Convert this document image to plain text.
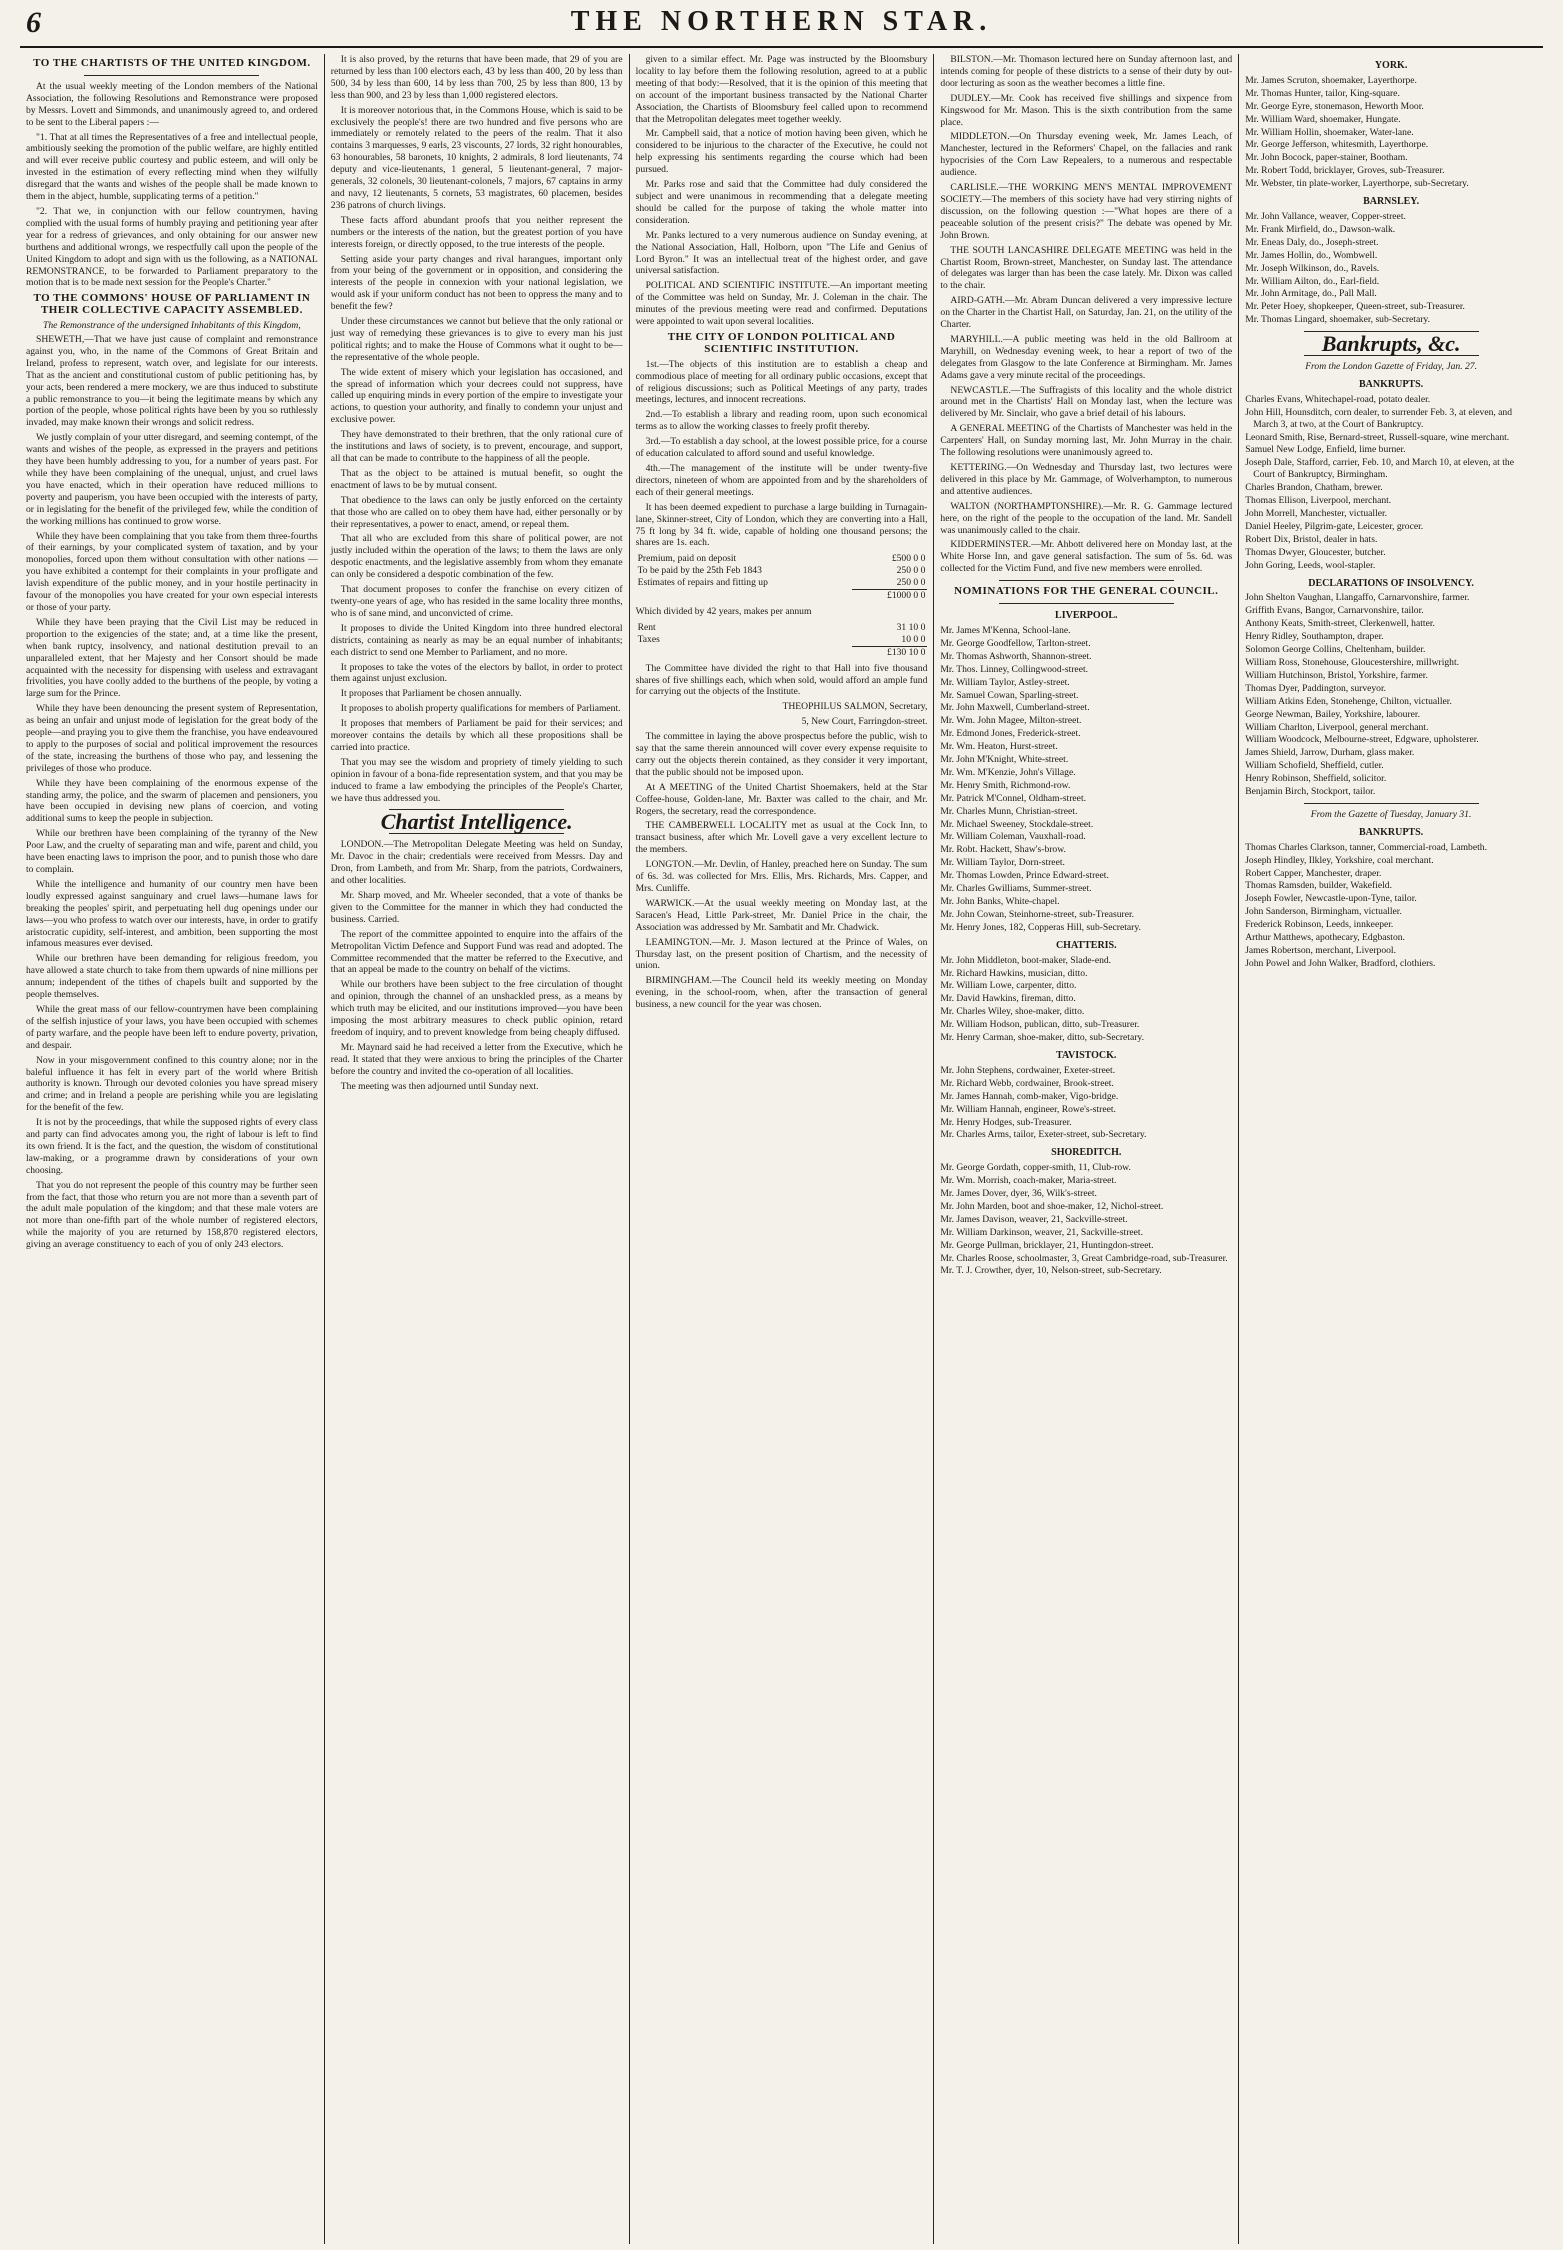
6	THE NORTHERN STAR.
TO THE CHARTISTS OF THE UNITED KINGDOM.

At the usual weekly meeting of the London members of the National Association, the following Resolutions and Remonstrance were proposed by Messrs. Lovett and Simmonds, and unanimously agreed to, and ordered to be sent to the Liberal papers :—

"1. That at all times the Representatives of a free and intellectual people, ambitiously seeking the promotion of the public welfare, are highly entitled and will ever receive public courtesy and public esteem, and will only be invested in the estimation of every reflecting mind when they wilfully disregard that the wants and wishes of the people shall be made known to them in the abject, humble, supplicating terms of a petition."

"2. That we, in conjunction with our fellow countrymen, having complied with the usual forms of humbly praying and petitioning year after year for a redress of grievances, and only obtaining for our answer new burthens and additional wrongs, we respectfully call upon the people of the United Kingdom to adopt and sign with us the following, as a NATIONAL REMONSTRANCE, to be forwarded to Parliament preparatory to the motion that is to be made next session for the People's Charter."

TO THE COMMONS' HOUSE OF PARLIAMENT IN THEIR COLLECTIVE CAPACITY ASSEMBLED.
The Remonstrance of the undersigned Inhabitants of this Kingdom,

SHEWETH,—That we have just cause of complaint and remonstrance against you, who, in the name of the Commons of Great Britain and Ireland, profess to represent, watch over, and legislate for our interests. That as the ancient and constitutional custom of public petitioning has, by your acts, been rendered a mere mockery, we are thus induced to substitute a public remonstrance to you—it being the legitimate means by which any portion of the people, whose political rights have been by you so ruthlessly invaded, may make known their wrongs and solicit redress.

We justly complain of your utter disregard, and seeming contempt, of the wants and wishes of the people, as expressed in the prayers and petitions they have been humbly addressing to you, for a number of years past. For while they have been complaining of the unequal, unjust, and cruel laws you have enacted, which in their operation have reduced millions to poverty and pauperism, you have been occupied with the interests of party, or in legislating for the benefit of the privileged few, while the condition of the working millions has continued to grow worse.

While they have been complaining that you take from them three-fourths of their earnings, by your complicated system of taxation, and by your monopolies, forced upon them without consultation with other nations —you have exhibited a contempt for their complaints in your profligate and lavish expenditure of the public money, and in your hostile pertinacity in favour of the monopolies you have created for your own especial interests or those of your party.

While they have been praying that the Civil List may be reduced in proportion to the exigencies of the state; and, at a time like the present, when bank ruptcy, insolvency, and national destitution prevail to an unparalleled extent, that her Majesty and her Consort should be made acquainted with the necessity for dispensing with useless and extravagant frivolities, you have coolly added to the burthens of the people, by voting a large sum for the Prince.

While they have been denouncing the present system of Representation, as being an unfair and unjust mode of legislation for the great body of the people—and praying you to give them the franchise, you have endeavoured to apply to the purposes of social and political improvement the resources of the state, increasing the burthens of those who pay, and lessening the privileges of those who produce.

While they have been complaining of the enormous expense of the standing army, the police, and the swarm of placemen and pensioners, you have been occupied in devising new plans of coercion, and voting additional sums to keep the people in subjection.

While our brethren have been complaining of the tyranny of the New Poor Law, and the cruelty of separating man and wife, parent and child, you have been enacting laws to imprison the poor, and to punish those who dare to complain.

While the intelligence and humanity of our country men have been loudly expressed against sanguinary and cruel laws—humane laws for breaking the peoples' spirit, and perpetuating hell dug openings under our laws—you who profess to watch over our interests, have, in order to gratify aristocratic cupidity, self-interest, and ambition, been supporting the most infamous measures ever devised.

While our brethren have been demanding for religious freedom, you have allowed a state church to take from them upwards of nine millions per annum; independent of the tithes of chapels built and supported by the people themselves.

While the great mass of our fellow-countrymen have been complaining of the selfish injustice of your laws, you have been occupied with schemes of party warfare, and the people have been left to endure poverty, privation, and despair.

Now in your misgovernment confined to this country alone; nor in the baleful influence it has felt in every part of the world where British authority is known. Through our devoted colonies you have spread misery and crime; and in Ireland a people are perishing while you are legislating for the benefit of the few.

It is not by the proceedings, that while the supposed rights of every class and party can find advocates among you, the right of labour is left to find its own friend. It is the fact, and the question, the wisdom of constitutional law-making, or a programme drawn by considerations of your own choosing.

That you do not represent the people of this country may be further seen from the fact, that those who return you are not more than a seventh part of the adult male population of the kingdom; and that these male voters are not more than one-fifth part of the whole number of registered electors, while the majority of you are returned by 158,870 registered electors, giving an average constituency to each of you of only 243 electors.

It is also proved, by the returns that have been made, that 29 of you are returned by less than 100 electors each, 43 by less than 400, 20 by less than 500, 34 by less than 600, 14 by less than 700, 25 by less than 800, 13 by less than 900, and 23 by less than 1,000 registered electors.

It is moreover notorious that, in the Commons House, which is said to be exclusively the people's! there are two hundred and five persons who are immediately or remotely related to the peers of the realm. That it also contains 3 marquesses, 9 earls, 23 viscounts, 27 lords, 32 right honourables, 63 honourables, 58 baronets, 10 knights, 2 admirals, 8 lord lieutenants, 74 deputy and vice-lieutenants, 1 general, 5 lieutenant-general, 7 major-generals, 32 colonels, 30 lieutenant-colonels, 7 majors, 67 captains in army and navy, 12 lieutenants, 5 cornets, 53 magistrates, 60 placemen, besides 236 patrons of church livings.

These facts afford abundant proofs that you neither represent the numbers or the interests of the nation, but the greatest portion of you have interests foreign, or directly opposed, to the true interests of the people.

Setting aside your party changes and rival harangues, important only from your being of the government or in opposition, and considering the interests of the people in connexion with your national legislation, we would ask if your uniform conduct has not been to oppress the many and to benefit the few?

Under these circumstances we cannot but believe that the only rational or just way of remedying these grievances is to give to every man his just political rights; and to make the House of Commons what it ought to be—the representative of the whole people.

The wide extent of misery which your legislation has occasioned, and the spread of information which your decrees could not suppress, have called up enquiring minds in every portion of the empire to investigate your actions, to question your authority, and finally to condemn your unjust and exclusive power.

They have demonstrated to their brethren, that the only rational cure of the institutions and laws of society, is to prevent, encourage, and support, all that can be made to contribute to the happiness of all the people.

That as the object to be attained is mutual benefit, so ought the enactment of laws to be by mutual consent.

That obedience to the laws can only be justly enforced on the certainty that those who are called on to obey them have had, either personally or by their representatives, a power to enact, amend, or repeal them.

That all who are excluded from this share of political power, are not justly included within the operation of the laws; to them the laws are only despotic enactments, and the legislative assembly from whom they emanate can only be considered a despotic combination of the few.

That document proposes to confer the franchise on every citizen of twenty-one years of age, who has resided in the same locality three months, who is of sane mind, and unconvicted of crime.

It proposes to divide the United Kingdom into three hundred electoral districts, containing as nearly as may be an equal number of inhabitants; each district to send one Member to Parliament, and no more.

It proposes to take the votes of the electors by ballot, in order to protect them against unjust exclusion.

It proposes that Parliament be chosen annually.

It proposes to abolish property qualifications for members of Parliament.

It proposes that members of Parliament be paid for their services; and moreover contains the details by which all these propositions shall be carried into practice.

That you may see the wisdom and propriety of timely yielding to such opinion in favour of a bona-fide representation system, and that you may be induced to frame a law embodying the principles of the People's Charter, we have thus addressed you.

Chartist Intelligence.

LONDON.—The Metropolitan Delegate Meeting was held on Sunday, Mr. Davoc in the chair; credentials were received from Messrs. Day and Dron, from Lambeth, and from Mr. Sharp, from the patriots, Cordwainers, and other localities.

Mr. Sharp moved, and Mr. Wheeler seconded, that a vote of thanks be given to the Committee for the manner in which they had conducted the business. Carried.

The report of the committee appointed to enquire into the affairs of the Metropolitan Victim Defence and Support Fund was read and adopted. The Committee recommended that the matter be referred to the Executive, and that an appeal be made to the country on behalf of the victims.

While our brothers have been subject to the free circulation of thought and opinion, through the channel of an unshackled press, as a means by which truth may be elicited, and our institutions improved—you have been imposing the most arbitrary measures to check public opinion, retard freedom of inquiry, and to prevent knowledge from being cheaply diffused.

Mr. Maynard said he had received a letter from the Executive, which he read. It stated that they were anxious to bring the principles of the Charter before the country and invited the co-operation of all localities.

The meeting was then adjourned until Sunday next.

given to a similar effect. Mr. Page was instructed by the Bloomsbury locality to lay before them the following resolution, agreed to at a public meeting of that body:—Resolved, that it is the opinion of this meeting that on account of the important business transacted by the National Charter Association, the Chartists of Bloomsbury feel called upon to recommend that the Metropolitan delegates meet together weekly.

Mr. Campbell said, that a notice of motion having been given, which he considered to be injurious to the character of the Executive, he could not help expressing his sentiments regarding the course which had been pursued.

Mr. Parks rose and said that the Committee had duly considered the subject and were unanimous in recommending that a delegate meeting should be called for the purpose of taking the whole matter into consideration.

Mr. Panks lectured to a very numerous audience on Sunday evening, at the National Association, Hall, Holborn, upon "The Life and Genius of Lord Byron." It was an intellectual treat of the highest order, and gave universal satisfaction.

POLITICAL AND SCIENTIFIC INSTITUTE.—An important meeting of the Committee was held on Sunday, Mr. J. Coleman in the chair. The minutes of the previous meeting were read and confirmed. Deputations were appointed to wait upon several localities.

THE CITY OF LONDON POLITICAL AND SCIENTIFIC INSTITUTION.

1st.—The objects of this institution are to establish a cheap and commodious place of meeting for all ordinary public occasions, except that of religious discussions; such as Political Meetings of any party, trades meetings, lectures, and innocent recreations.

2nd.—To establish a library and reading room, upon such economical terms as to allow the working classes to freely profit thereby.

3rd.—To establish a day school, at the lowest possible price, for a course of education calculated to afford sound and useful knowledge.

4th.—The management of the institute will be under twenty-five directors, nineteen of whom are appointed from and by the shareholders of each of their general meetings.

It has been deemed expedient to purchase a large building in Turnagain-lane, Skinner-street, City of London, which they are converting into a Hall, 75 ft long by 34 ft. wide, capable of holding one thousand persons; the shares are 1s. each.

Premium, paid on deposit	£500 0 0
To be paid by the 25th Feb 1843	250 0 0
Estimates of repairs and fitting up	250 0 0
	£1000 0 0
Which divided by 42 years, makes per annum
Rent	31 10 0
Taxes	10 0 0
	£130 10 0

The Committee have divided the right to that Hall into five thousand shares of five shillings each, which when sold, would afford an ample fund for carrying out the objects of the Institute.

THEOPHILUS SALMON, Secretary,
5, New Court, Farringdon-street.

The committee in laying the above prospectus before the public, wish to say that the same therein announced will cover every expense requisite to carry out the objects therein contained, as they consider it very important, that the public should not be imposed upon.

At A MEETING of the United Chartist Shoemakers, held at the Star Coffee-house, Golden-lane, Mr. Baxter was called to the chair, and Mr. Rogers, the secretary, read the correspondence.

THE CAMBERWELL LOCALITY met as usual at the Cock Inn, to transact business, after which Mr. Lovell gave a very excellent lecture to the members.

LONGTON.—Mr. Devlin, of Hanley, preached here on Sunday. The sum of 6s. 3d. was collected for Mrs. Ellis, Mrs. Richards, Mrs. Capper, and Mrs. Cunliffe.

WARWICK.—At the usual weekly meeting on Monday last, at the Saracen's Head, Little Park-street, Mr. Daniel Price in the chair, the Association was addressed by Mr. Sambatit and Mr. Chadwick.

LEAMINGTON.—Mr. J. Mason lectured at the Prince of Wales, on Thursday last, on the present position of Chartism, and the necessity of union.

BIRMINGHAM.—The Council held its weekly meeting on Monday evening, in the school-room, when, after the transaction of general business, a new council for the year was chosen.

BILSTON.—Mr. Thomason lectured here on Sunday afternoon last, and intends coming for people of these districts to a sense of their duty by out-door lecturing as soon as the weather becomes a little fine.

DUDLEY.—Mr. Cook has received five shillings and sixpence from Kingswood for Mr. Mason. This is the sixth contribution from the same place.

MIDDLETON.—On Thursday evening week, Mr. James Leach, of Manchester, lectured in the Reformers' Chapel, on the fallacies and rank hypocrisies of the Corn Law Repealers, to a numerous and respectable audience.

CARLISLE.—THE WORKING MEN'S MENTAL IMPROVEMENT SOCIETY.—The members of this society have had very stirring nights of discussion, on the following question :—"What hopes are there of a peaceable solution of the present crisis?" The debate was opened by Mr. John Brown.

THE SOUTH LANCASHIRE DELEGATE MEETING was held in the Chartist Room, Brown-street, Manchester, on Sunday last. The attendance of delegates was larger than has been the case lately. Mr. Dixon was called to the chair.

AIRD-GATH.—Mr. Abram Duncan delivered a very impressive lecture on the Charter in the Chartist Hall, on Saturday, Jan. 21, on the utility of the Charter.

MARYHILL.—A public meeting was held in the old Ballroom at Maryhill, on Wednesday evening week, to hear a report of two of the delegates from Glasgow to the late Conference at Birmingham. Mr. James Adams gave a very minute recital of the proceedings.

NEWCASTLE.—The Suffragists of this locality and the whole district around met in the Chartists' Hall on Monday last, when the lecture was delivered by Mr. Sinclair, who gave a brief detail of his labours.

A GENERAL MEETING of the Chartists of Manchester was held in the Carpenters' Hall, on Sunday morning last, Mr. John Murray in the chair. The following resolutions were unanimously agreed to.

KETTERING.—On Wednesday and Thursday last, two lectures were delivered in this place by Mr. Gammage, of Wolverhampton, to numerous and attentive audiences.

WALTON (NORTHAMPTONSHIRE).—Mr. R. G. Gammage lectured here, on the right of the people to the occupation of the land. Mr. Sandell was unanimously called to the chair.

KIDDERMINSTER.—Mr. Ahbott delivered here on Monday last, at the White Horse Inn, and gave general satisfaction. The sum of 5s. 6d. was collected for the Victim Fund, and five new members were enrolled.

NOMINATIONS FOR THE GENERAL COUNCIL.
LIVERPOOL.
Mr. James M'Kenna, School-lane.
Mr. George Goodfellow, Tarlton-street.
Mr. Thomas Ashworth, Shannon-street.
Mr. Thos. Linney, Collingwood-street.
Mr. William Taylor, Astley-street.
Mr. Samuel Cowan, Sparling-street.
Mr. John Maxwell, Cumberland-street.
Mr. Wm. John Magee, Milton-street.
Mr. Edmond Jones, Frederick-street.
Mr. Wm. Heaton, Hurst-street.
Mr. John M'Knight, White-street.
Mr. Wm. M'Kenzie, John's Village.
Mr. Henry Smith, Richmond-row.
Mr. Patrick M'Connel, Oldham-street.
Mr. Charles Munn, Christian-street.
Mr. Michael Sweeney, Stockdale-street.
Mr. William Coleman, Vauxhall-road.
Mr. Robt. Hackett, Shaw's-brow.
Mr. William Taylor, Dorn-street.
Mr. Thomas Lowden, Prince Edward-street.
Mr. Charles Gwilliams, Summer-street.
Mr. John Banks, White-chapel.
Mr. John Cowan, Steinhorne-street, sub-Treasurer.
Mr. Henry Jones, 182, Copperas Hill, sub-Secretary.
CHATTERIS.
Mr. John Middleton, boot-maker, Slade-end.
Mr. Richard Hawkins, musician, ditto.
Mr. William Lowe, carpenter, ditto.
Mr. David Hawkins, fireman, ditto.
Mr. Charles Wiley, shoe-maker, ditto.
Mr. William Hodson, publican, ditto, sub-Treasurer.
Mr. Henry Carman, shoe-maker, ditto, sub-Secretary.
TAVISTOCK.
Mr. John Stephens, cordwainer, Exeter-street.
Mr. Richard Webb, cordwainer, Brook-street.
Mr. James Hannah, comb-maker, Vigo-bridge.
Mr. William Hannah, engineer, Rowe's-street.
Mr. Henry Hodges, sub-Treasurer.
Mr. Charles Arms, tailor, Exeter-street, sub-Secretary.
SHOREDITCH.
Mr. George Gordath, copper-smith, 11, Club-row.
Mr. Wm. Morrish, coach-maker, Maria-street.
Mr. James Dover, dyer, 36, Wilk's-street.
Mr. John Marden, boot and shoe-maker, 12, Nichol-street.
Mr. James Davison, weaver, 21, Sackville-street.
Mr. William Darkinson, weaver, 21, Sackville-street.
Mr. George Pullman, bricklayer, 21, Huntingdon-street.
Mr. Charles Roose, schoolmaster, 3, Great Cambridge-road, sub-Treasurer.
Mr. T. J. Crowther, dyer, 10, Nelson-street, sub-Secretary.
YORK.
Mr. James Scruton, shoemaker, Layerthorpe.
Mr. Thomas Hunter, tailor, King-square.
Mr. George Eyre, stonemason, Heworth Moor.
Mr. William Ward, shoemaker, Hungate.
Mr. William Hollin, shoemaker, Water-lane.
Mr. George Jefferson, whitesmith, Layerthorpe.
Mr. John Bocock, paper-stainer, Bootham.
Mr. Robert Todd, bricklayer, Groves, sub-Treasurer.
Mr. Webster, tin plate-worker, Layerthorpe, sub-Secretary.
BARNSLEY.
Mr. John Vallance, weaver, Copper-street.
Mr. Frank Mirfield, do., Dawson-walk.
Mr. Eneas Daly, do., Joseph-street.
Mr. James Hollin, do., Wombwell.
Mr. Joseph Wilkinson, do., Ravels.
Mr. William Ailton, do., Earl-field.
Mr. John Armitage, do., Pall Mall.
Mr. Peter Hoey, shopkeeper, Queen-street, sub-Treasurer.
Mr. Thomas Lingard, shoemaker, sub-Secretary.
Bankrupts, &c.
From the London Gazette of Friday, Jan. 27.
BANKRUPTS.
Charles Evans, Whitechapel-road, potato dealer.
John Hill, Hounsditch, corn dealer, to surrender Feb. 3, at eleven, and March 3, at two, at the Court of Bankruptcy.
Leonard Smith, Rise, Bernard-street, Russell-square, wine merchant.
Samuel New Lodge, Enfield, lime burner.
Joseph Dale, Stafford, carrier, Feb. 10, and March 10, at eleven, at the Court of Bankruptcy, Birmingham.
Charles Brandon, Chatham, brewer.
Thomas Ellison, Liverpool, merchant.
John Morrell, Manchester, victualler.
Daniel Heeley, Pilgrim-gate, Leicester, grocer.
Robert Dix, Bristol, dealer in hats.
Thomas Dwyer, Gloucester, butcher.
John Goring, Leeds, wool-stapler.
DECLARATIONS OF INSOLVENCY.
John Shelton Vaughan, Llangaffo, Carnarvonshire, farmer.
Griffith Evans, Bangor, Carnarvonshire, tailor.
Anthony Keats, Smith-street, Clerkenwell, hatter.
Henry Ridley, Southampton, draper.
Solomon George Collins, Cheltenham, builder.
William Ross, Stonehouse, Gloucestershire, millwright.
William Hutchinson, Bristol, Yorkshire, farmer.
Thomas Dyer, Paddington, surveyor.
William Atkins Eden, Stonehenge, Chilton, victualler.
George Newman, Bailey, Yorkshire, labourer.
William Charlton, Liverpool, general merchant.
William Woodcock, Melbourne-street, Edgware, upholsterer.
James Shield, Jarrow, Durham, glass maker.
William Schofield, Sheffield, cutler.
Henry Robinson, Sheffield, solicitor.
Benjamin Birch, Stockport, tailor.
From the Gazette of Tuesday, January 31.
BANKRUPTS.
Thomas Charles Clarkson, tanner, Commercial-road, Lambeth.
Joseph Hindley, Ilkley, Yorkshire, coal merchant.
Robert Capper, Manchester, draper.
Thomas Ramsden, builder, Wakefield.
Joseph Fowler, Newcastle-upon-Tyne, tailor.
John Sanderson, Birmingham, victualler.
Frederick Robinson, Leeds, innkeeper.
Arthur Matthews, apothecary, Edgbaston.
James Robertson, merchant, Liverpool.
John Powel and John Walker, Bradford, clothiers.
